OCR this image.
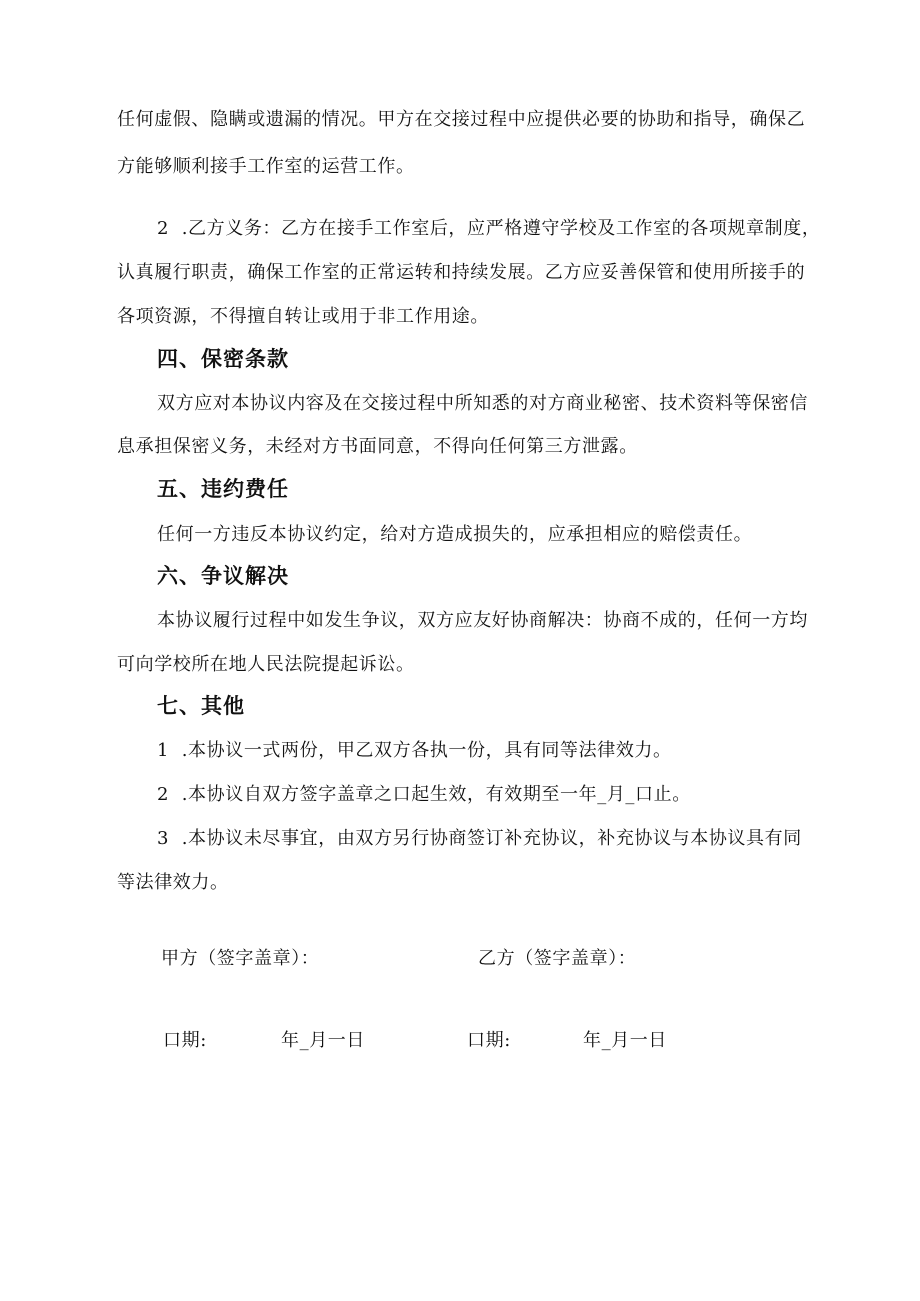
任何虚假、隐瞒或遗漏的情况。甲方在交接过程中应提供必要的协助和指导，确保乙

方能够顺利接手工作室的运营工作。

2  .乙方义务：乙方在接手工作室后，应严格遵守学校及工作室的各项规章制度，

认真履行职责，确保工作室的正常运转和持续发展。乙方应妥善保管和使用所接手的

各项资源，不得擅自转让或用于非工作用途。

四、保密条款

双方应对本协议内容及在交接过程中所知悉的对方商业秘密、技术资料等保密信

息承担保密义务，未经对方书面同意，不得向任何第三方泄露。

五、违约费任

任何一方违反本协议约定，给对方造成损失的，应承担相应的赔偿责任。

六、争议解决

本协议履行过程中如发生争议，双方应友好协商解决：协商不成的，任何一方均

可向学校所在地人民法院提起诉讼。

七、其他

1  .本协议一式两份，甲乙双方各执一份，具有同等法律效力。

2  .本协议自双方签字盖章之口起生效，有效期至一年_月_口止。

3  .本协议未尽事宜，由双方另行协商签订补充协议，补充协议与本协议具有同

等法律效力。

甲方（签字盖章）：	乙方（签字盖章）：

口期:	年_月一日	口期:	年_月一日
